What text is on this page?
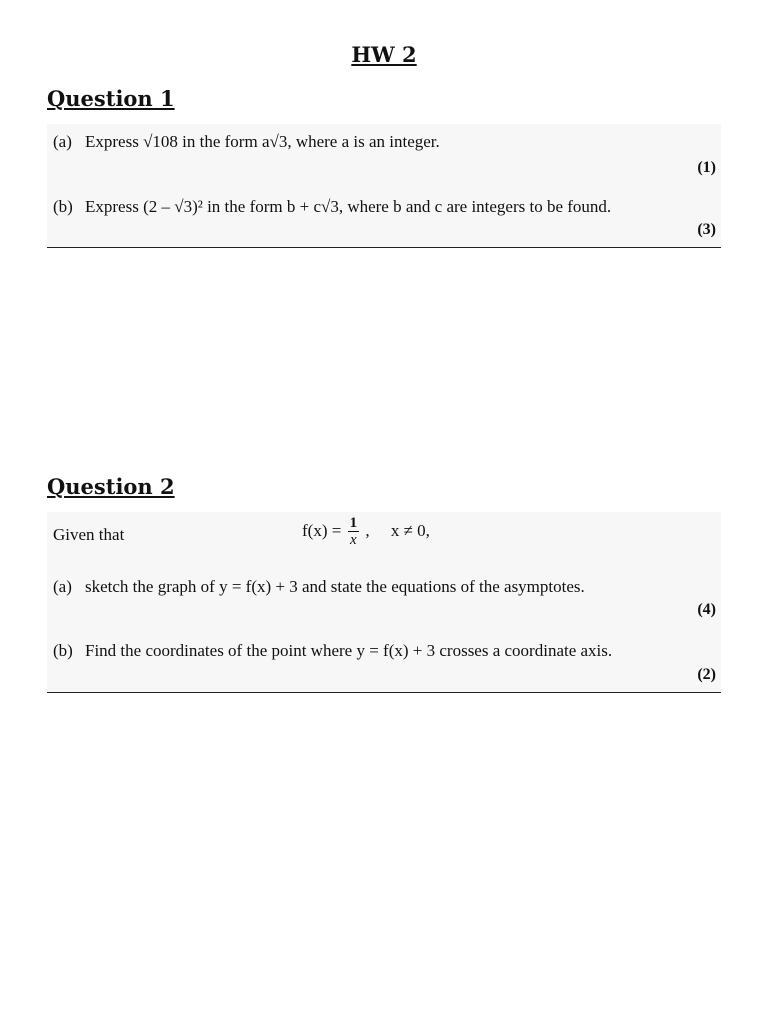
HW 2
Question 1
(a) Express √108 in the form a√3, where a is an integer.
(1)
(b) Express (2 – √3)² in the form b + c√3, where b and c are integers to be found.
(3)
Question 2
Given that	$f(x) = \frac{1}{x}$ ,     x ≠ 0,
(a) sketch the graph of y = f(x) + 3 and state the equations of the asymptotes.
(4)
(b) Find the coordinates of the point where y = f(x) + 3 crosses a coordinate axis.
(2)
